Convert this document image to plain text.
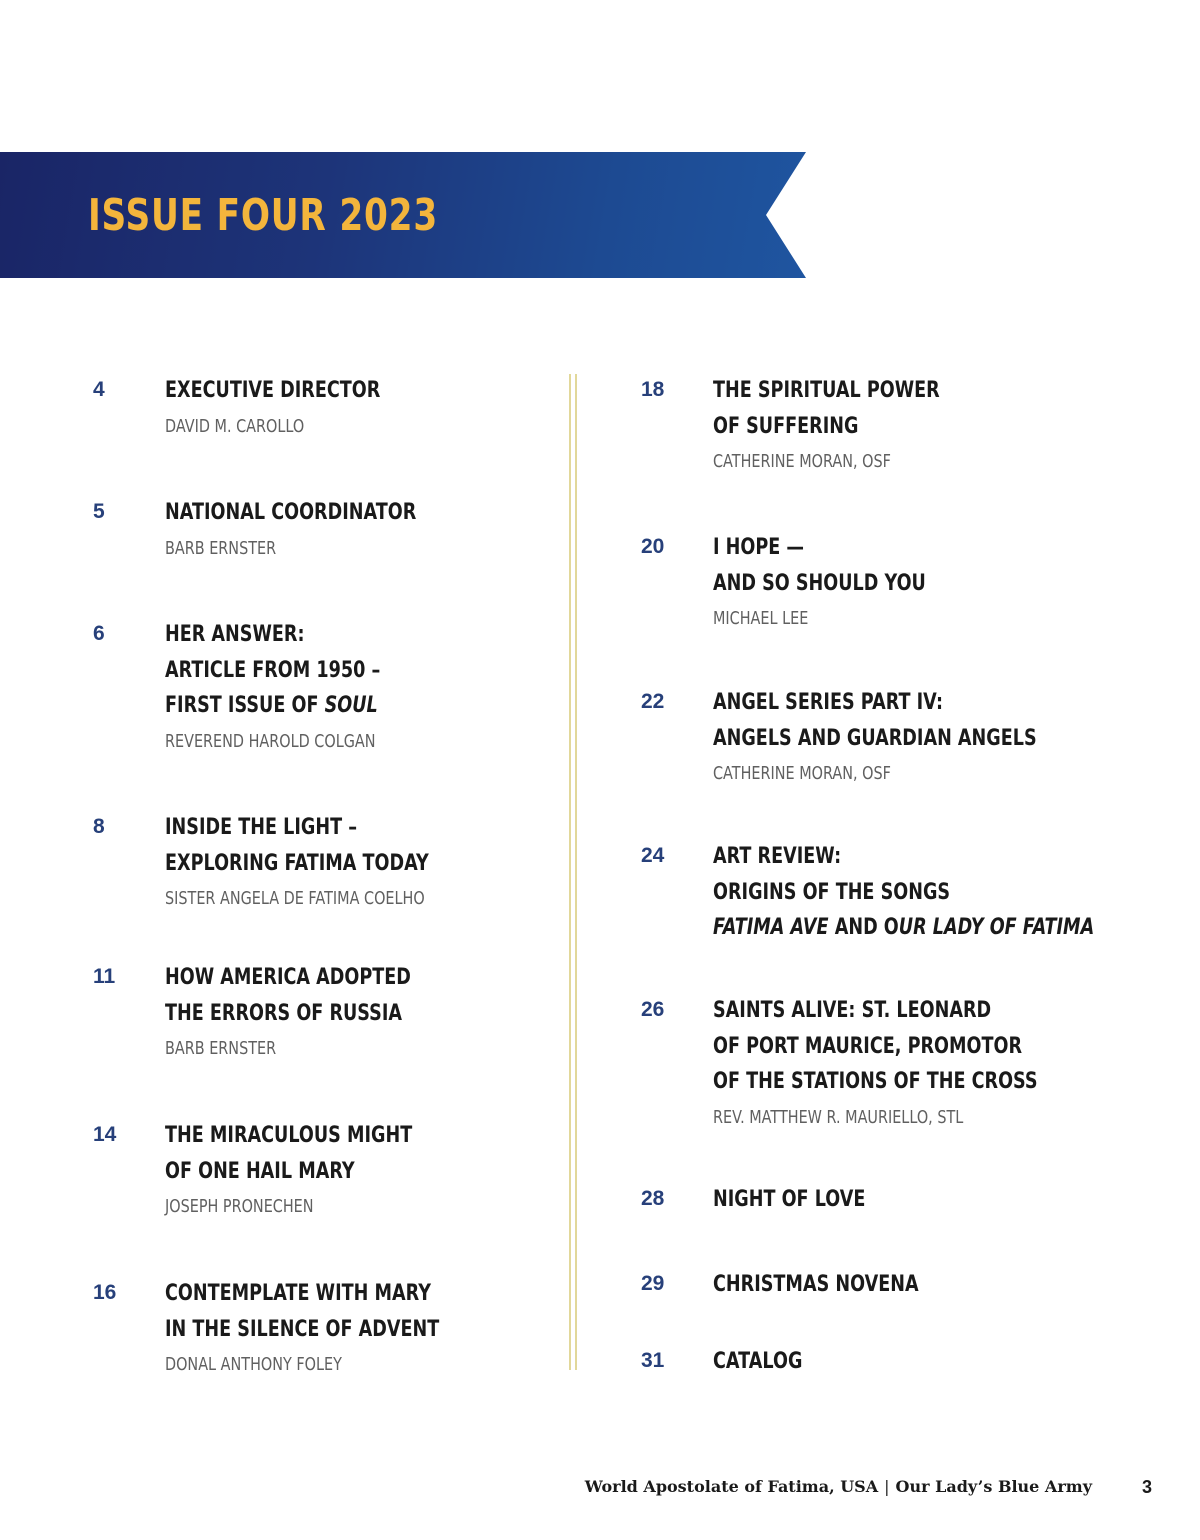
ISSUE FOUR 2023
4	EXECUTIVE DIRECTOR
DAVID M. CAROLLO
5	NATIONAL COORDINATOR
BARB ERNSTER
6	HER ANSWER:
ARTICLE FROM 1950 –
FIRST ISSUE OF SOUL
REVEREND HAROLD COLGAN
8	INSIDE THE LIGHT –
EXPLORING FATIMA TODAY
SISTER ANGELA DE FATIMA COELHO
11 HOW AMERICA ADOPTED
THE ERRORS OF RUSSIA
BARB ERNSTER
14 THE MIRACULOUS MIGHT
OF ONE HAIL MARY
JOSEPH PRONECHEN
16 CONTEMPLATE WITH MARY
IN THE SILENCE OF ADVENT
DONAL ANTHONY FOLEY
18 THE SPIRITUAL POWER
OF SUFFERING
CATHERINE MORAN, OSF
20 I HOPE —
AND SO SHOULD YOU
MICHAEL LEE
22 ANGEL SERIES PART IV:
ANGELS AND GUARDIAN ANGELS
CATHERINE MORAN, OSF
24 ART REVIEW:
ORIGINS OF THE SONGS
FATIMA AVE AND OUR LADY OF FATIMA
26 SAINTS ALIVE: ST. LEONARD
OF PORT MAURICE, PROMOTOR
OF THE STATIONS OF THE CROSS
REV. MATTHEW R. MAURIELLO, STL
28 NIGHT OF LOVE
29 CHRISTMAS NOVENA
31 CATALOG
World Apostolate of Fatima, USA | Our Lady’s Blue Army	3
